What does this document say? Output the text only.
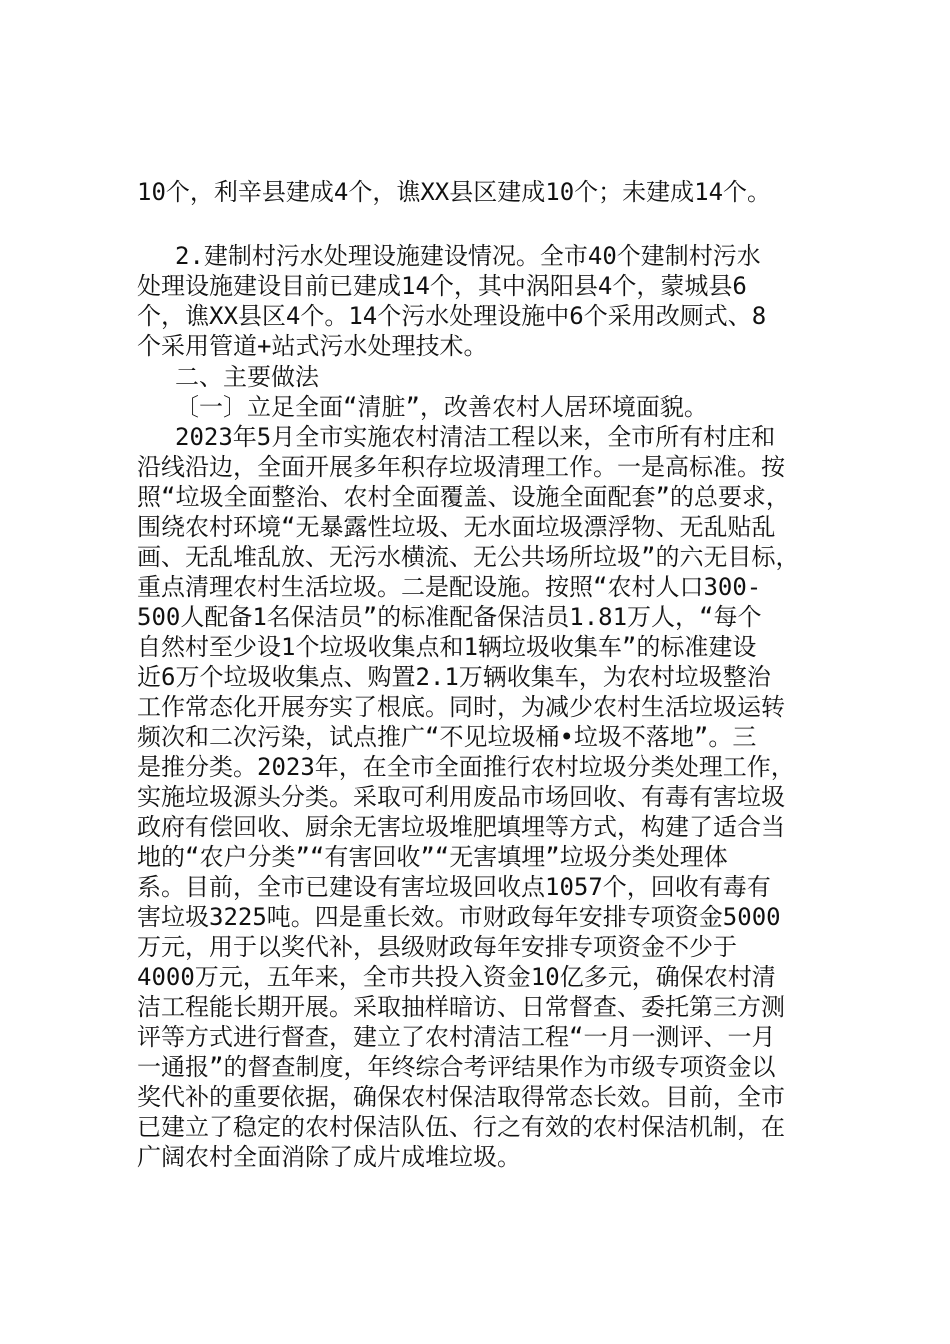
10个，利辛县建成4个，谯XX县区建成10个；未建成14个。

2.建制村污水处理设施建设情况。全市40个建制村污水

处理设施建设目前已建成14个，其中涡阳县4个，蒙城县6

个，谯XX县区4个。14个污水处理设施中6个采用改厕式、8

个采用管道+站式污水处理技术。

二、主要做法

〔一〕立足全面“清脏”，改善农村人居环境面貌。

2023年5月全市实施农村清洁工程以来，全市所有村庄和

沿线沿边，全面开展多年积存垃圾清理工作。一是高标准。按

照“垃圾全面整治、农村全面覆盖、设施全面配套”的总要求，

围绕农村环境“无暴露性垃圾、无水面垃圾漂浮物、无乱贴乱

画、无乱堆乱放、无污水横流、无公共场所垃圾”的六无目标，

重点清理农村生活垃圾。二是配设施。按照“农村人口300-

500人配备1名保洁员”的标准配备保洁员1.81万人，“每个

自然村至少设1个垃圾收集点和1辆垃圾收集车”的标准建设

近6万个垃圾收集点、购置2.1万辆收集车，为农村垃圾整治

工作常态化开展夯实了根底。同时，为减少农村生活垃圾运转

频次和二次污染，试点推广“不见垃圾桶•垃圾不落地”。三

是推分类。2023年，在全市全面推行农村垃圾分类处理工作，

实施垃圾源头分类。采取可利用废品市场回收、有毒有害垃圾

政府有偿回收、厨余无害垃圾堆肥填埋等方式，构建了适合当

地的“农户分类”“有害回收”“无害填埋”垃圾分类处理体

系。目前，全市已建设有害垃圾回收点1057个，回收有毒有

害垃圾3225吨。四是重长效。市财政每年安排专项资金5000

万元，用于以奖代补，县级财政每年安排专项资金不少于

4000万元，五年来，全市共投入资金10亿多元，确保农村清

洁工程能长期开展。采取抽样暗访、日常督查、委托第三方测

评等方式进行督查，建立了农村清洁工程“一月一测评、一月

一通报”的督查制度，年终综合考评结果作为市级专项资金以

奖代补的重要依据，确保农村保洁取得常态长效。目前，全市

已建立了稳定的农村保洁队伍、行之有效的农村保洁机制，在

广阔农村全面消除了成片成堆垃圾。
